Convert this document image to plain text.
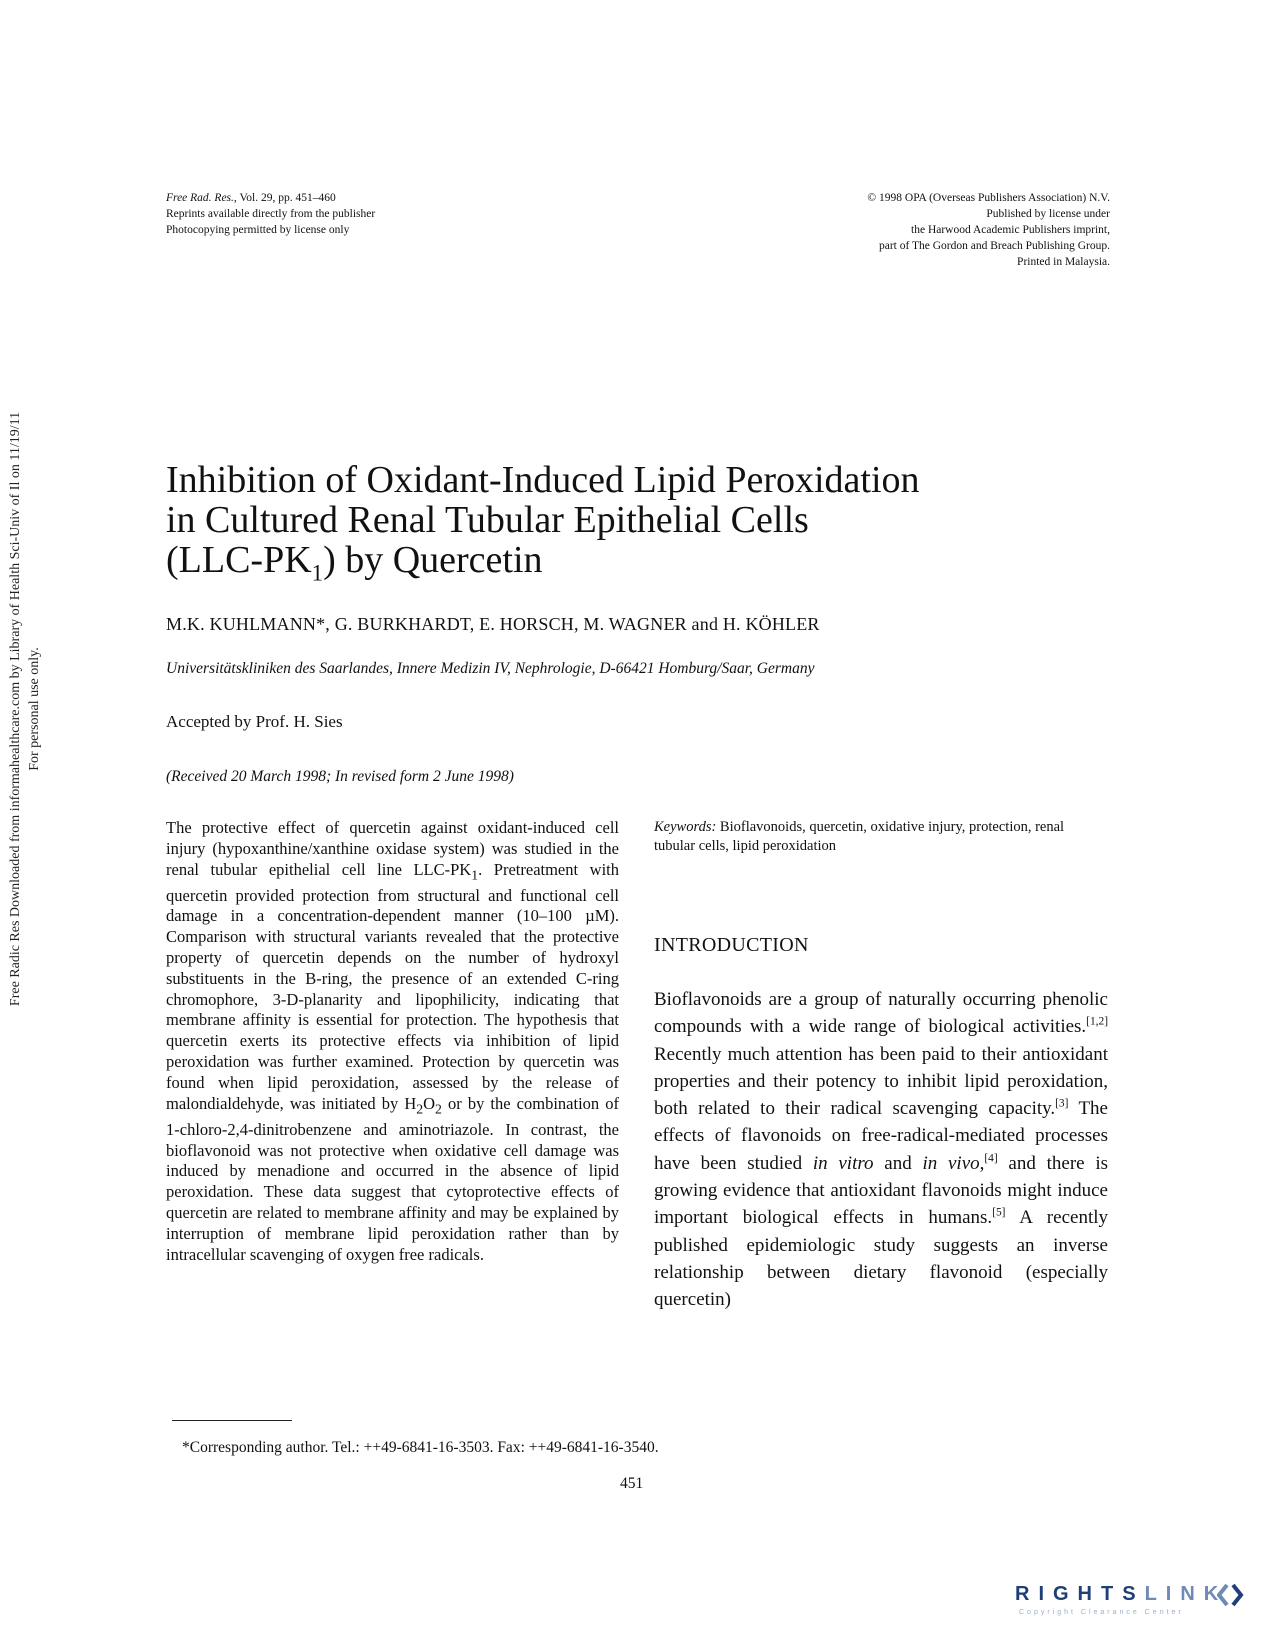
Free Radic Res Downloaded from informahealthcare.com by Library of Health Sci-Univ of Il on 11/19/11 For personal use only.
Free Rad. Res., Vol. 29, pp. 451–460
Reprints available directly from the publisher
Photocopying permitted by license only
© 1998 OPA (Overseas Publishers Association) N.V.
Published by license under
the Harwood Academic Publishers imprint,
part of The Gordon and Breach Publishing Group.
Printed in Malaysia.
Inhibition of Oxidant-Induced Lipid Peroxidation
in Cultured Renal Tubular Epithelial Cells
$(LLC-PK_1)$ by Quercetin
M.K. KUHLMANN*, G. BURKHARDT, E. HORSCH, M. WAGNER and H. KÖHLER
Universitätskliniken des Saarlandes, Innere Medizin IV, Nephrologie, D-66421 Homburg/Saar, Germany
Accepted by Prof. H. Sies
(Received 20 March 1998; In revised form 2 June 1998)

The protective effect of quercetin against oxidant-induced cell injury (hypoxanthine/xanthine oxidase system) was studied in the renal tubular epithelial cell line LLC-$PK_1$. Pretreatment with quercetin provided protection from structural and functional cell damage in a concentration-dependent manner (10–100 µM). Comparison with structural variants revealed that the protective property of quercetin depends on the number of hydroxyl substituents in the B-ring, the presence of an extended C-ring chromophore, 3-D-planarity and lipophilicity, indicating that membrane affinity is essential for protection. The hypothesis that quercetin exerts its protective effects via inhibition of lipid peroxidation was further examined. Protection by quercetin was found when lipid peroxidation, assessed by the release of malondialdehyde, was initiated by $H_2O_2$ or by the combination of 1-chloro-2,4-dinitrobenzene and aminotriazole. In contrast, the bioflavonoid was not protective when oxidative cell damage was induced by menadione and occurred in the absence of lipid peroxidation. These data suggest that cytoprotective effects of quercetin are related to membrane affinity and may be explained by interruption of membrane lipid peroxidation rather than by intracellular scavenging of oxygen free radicals.

Keywords: Bioflavonoids, quercetin, oxidative injury, protection, renal tubular cells, lipid peroxidation
INTRODUCTION

Bioflavonoids are a group of naturally occurring phenolic compounds with a wide range of biological activities.[1,2] Recently much attention has been paid to their antioxidant properties and their potency to inhibit lipid peroxidation, both related to their radical scavenging capacity.[3] The effects of flavonoids on free-radical-mediated processes have been studied in vitro and in vivo,[4] and there is growing evidence that antioxidant flavonoids might induce important biological effects in humans.[5] A recently published epidemiologic study suggests an inverse relationship between dietary flavonoid (especially quercetin)

*Corresponding author. Tel.: ++49-6841-16-3503. Fax: ++49-6841-16-3540.
451
RIGHTSLINK
Copyright Clearance Center
